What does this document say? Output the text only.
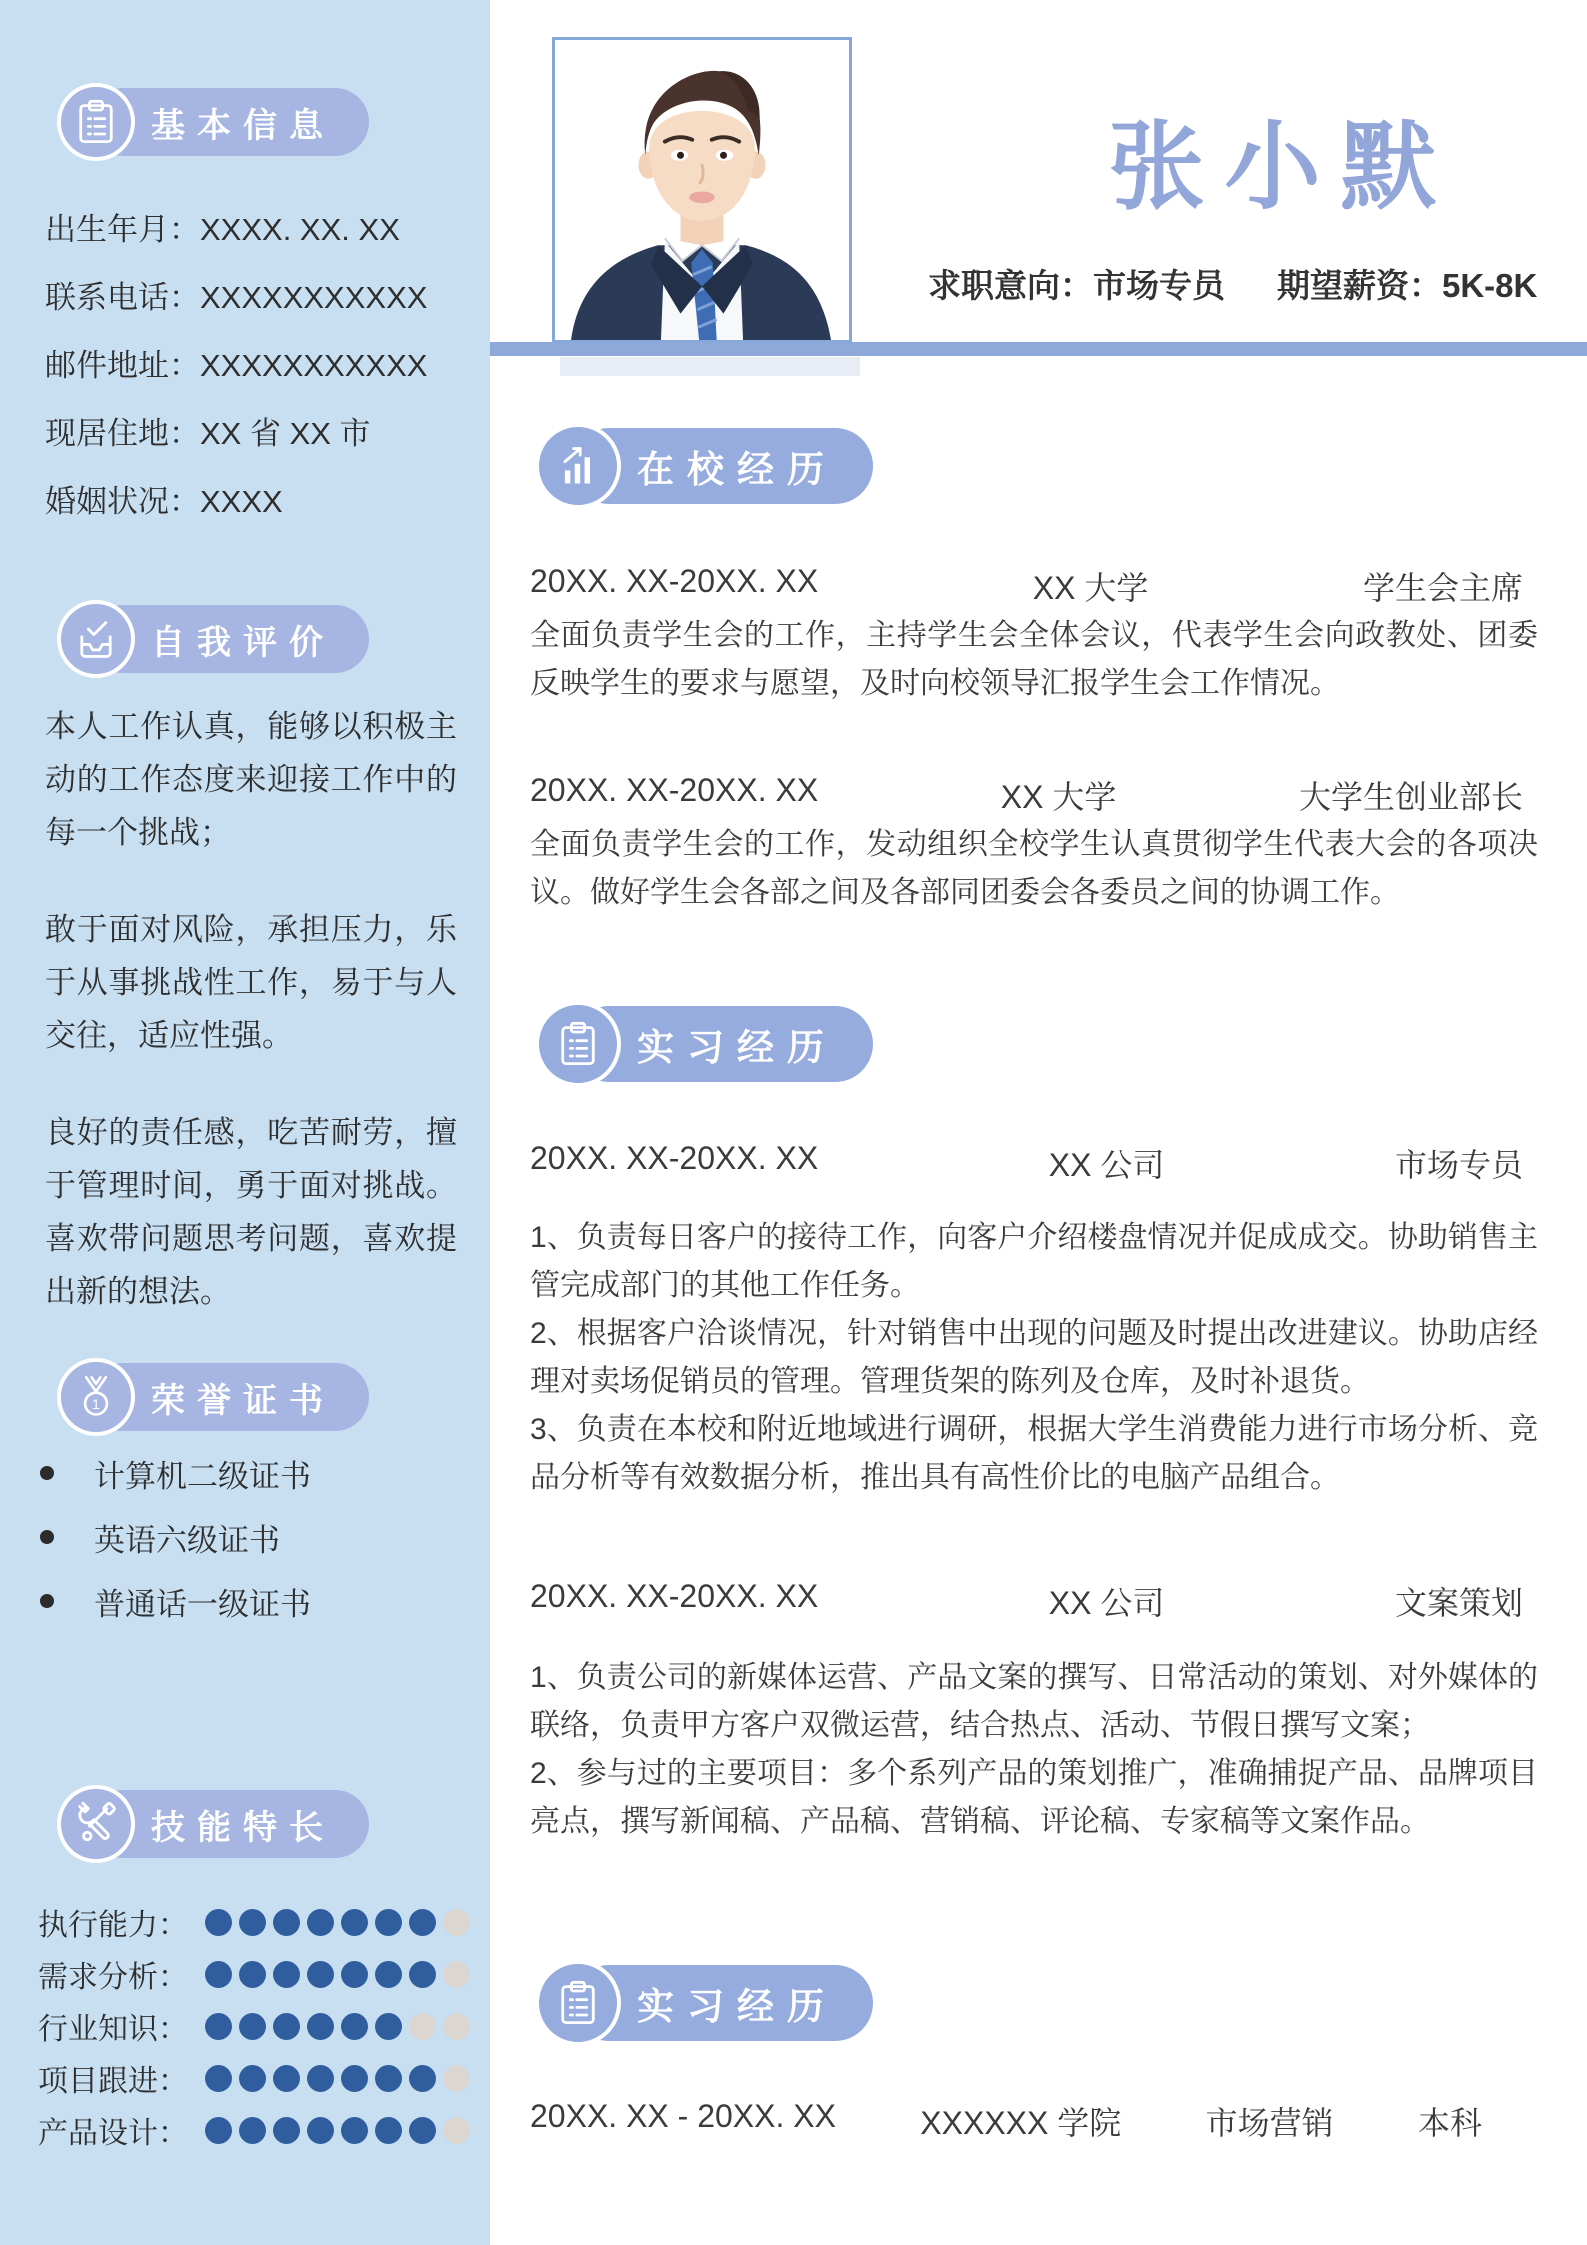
基本信息
出生年月：XXXX. XX. XX
联系电话：XXXXXXXXXXX
邮件地址：XXXXXXXXXXX
现居住地：XX 省 XX 市
婚姻状况：XXXX
自我评价

本人工作认真，能够以积极主动的工作态度来迎接工作中的每一个挑战；

敢于面对风险，承担压力，乐于从事挑战性工作，易于与人交往，适应性强。

良好的责任感，吃苦耐劳，擅于管理时间，勇于面对挑战。喜欢带问题思考问题，喜欢提出新的想法。

1	荣誉证书
计算机二级证书
英语六级证书
普通话一级证书
技能特长
执行能力：
需求分析：
行业知识：
项目跟进：
产品设计：
张小默
求职意向：市场专员 期望薪资：5K-8K
在校经历
20XX. XX-20XX. XX	XX 大学	学生会主席

全面负责学生会的工作，主持学生会全体会议，代表学生会向政教处、团委反映学生的要求与愿望，及时向校领导汇报学生会工作情况。

20XX. XX-20XX. XX	XX 大学	大学生创业部长

全面负责学生会的工作，发动组织全校学生认真贯彻学生代表大会的各项决议。做好学生会各部之间及各部同团委会各委员之间的协调工作。

实习经历
20XX. XX-20XX. XX	XX 公司	市场专员

1、负责每日客户的接待工作，向客户介绍楼盘情况并促成成交。协助销售主管完成部门的其他工作任务。

2、根据客户洽谈情况，针对销售中出现的问题及时提出改进建议。协助店经理对卖场促销员的管理。管理货架的陈列及仓库，及时补退货。

3、负责在本校和附近地域进行调研，根据大学生消费能力进行市场分析、竞品分析等有效数据分析，推出具有高性价比的电脑产品组合。

20XX. XX-20XX. XX	XX 公司	文案策划

1、负责公司的新媒体运营、产品文案的撰写、日常活动的策划、对外媒体的联络，负责甲方客户双微运营，结合热点、活动、节假日撰写文案；

2、参与过的主要项目：多个系列产品的策划推广，准确捕捉产品、品牌项目亮点，撰写新闻稿、产品稿、营销稿、评论稿、专家稿等文案作品。

实习经历
20XX. XX - 20XX. XX	XXXXXX 学院	市场营销	本科
